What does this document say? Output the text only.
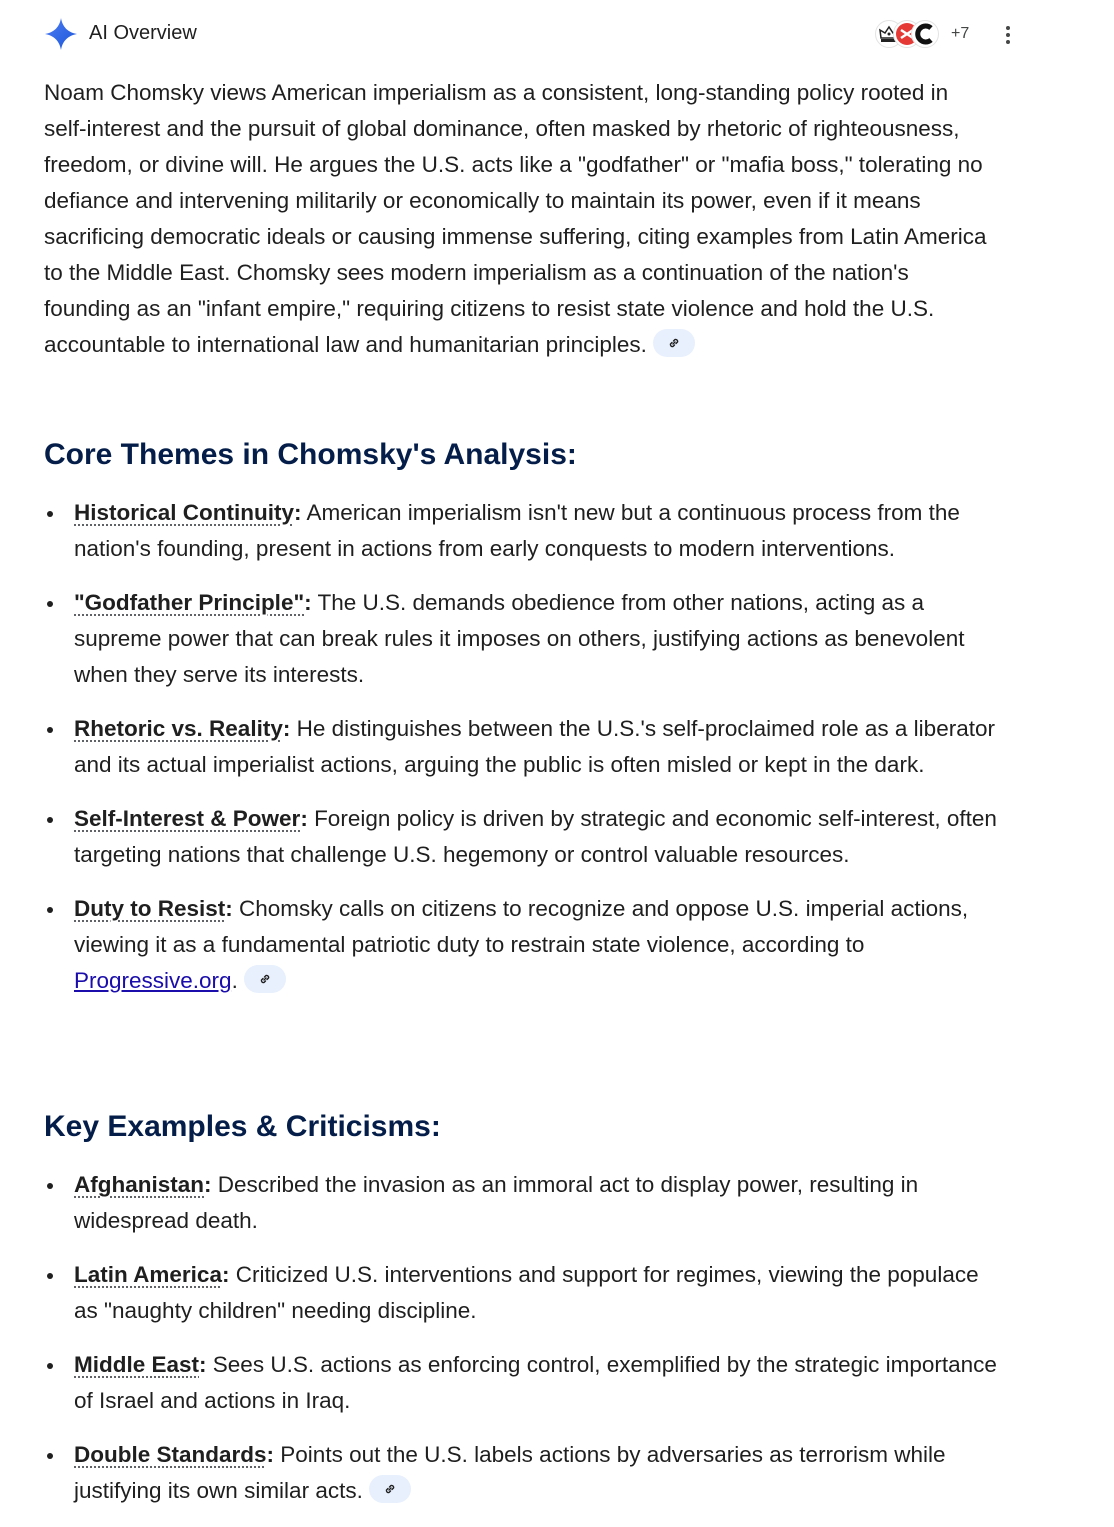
AI Overview	+7

Noam Chomsky views American imperialism as a consistent, long-standing policy rooted in self-interest and the pursuit of global dominance, often masked by rhetoric of righteousness, freedom, or divine will. He argues the U.S. acts like a "godfather" or "mafia boss," tolerating no defiance and intervening militarily or economically to maintain its power, even if it means sacrificing democratic ideals or causing immense suffering, citing examples from Latin America to the Middle East. Chomsky sees modern imperialism as a continuation of the nation's founding as an "infant empire," requiring citizens to resist state violence and hold the U.S. accountable to international law and humanitarian principles.

Core Themes in Chomsky's Analysis:
Historical Continuity: American imperialism isn't new but a continuous process from the nation's founding, present in actions from early conquests to modern interventions.
"Godfather Principle": The U.S. demands obedience from other nations, acting as a supreme power that can break rules it imposes on others, justifying actions as benevolent when they serve its interests.
Rhetoric vs. Reality: He distinguishes between the U.S.'s self-proclaimed role as a liberator and its actual imperialist actions, arguing the public is often misled or kept in the dark.
Self-Interest & Power: Foreign policy is driven by strategic and economic self-interest, often targeting nations that challenge U.S. hegemony or control valuable resources.
Duty to Resist: Chomsky calls on citizens to recognize and oppose U.S. imperial actions, viewing it as a fundamental patriotic duty to restrain state violence, according to Progressive.org.
Key Examples & Criticisms:
Afghanistan: Described the invasion as an immoral act to display power, resulting in widespread death.
Latin America: Criticized U.S. interventions and support for regimes, viewing the populace as "naughty children" needing discipline.
Middle East: Sees U.S. actions as enforcing control, exemplified by the strategic importance of Israel and actions in Iraq.
Double Standards: Points out the U.S. labels actions by adversaries as terrorism while justifying its own similar acts.
